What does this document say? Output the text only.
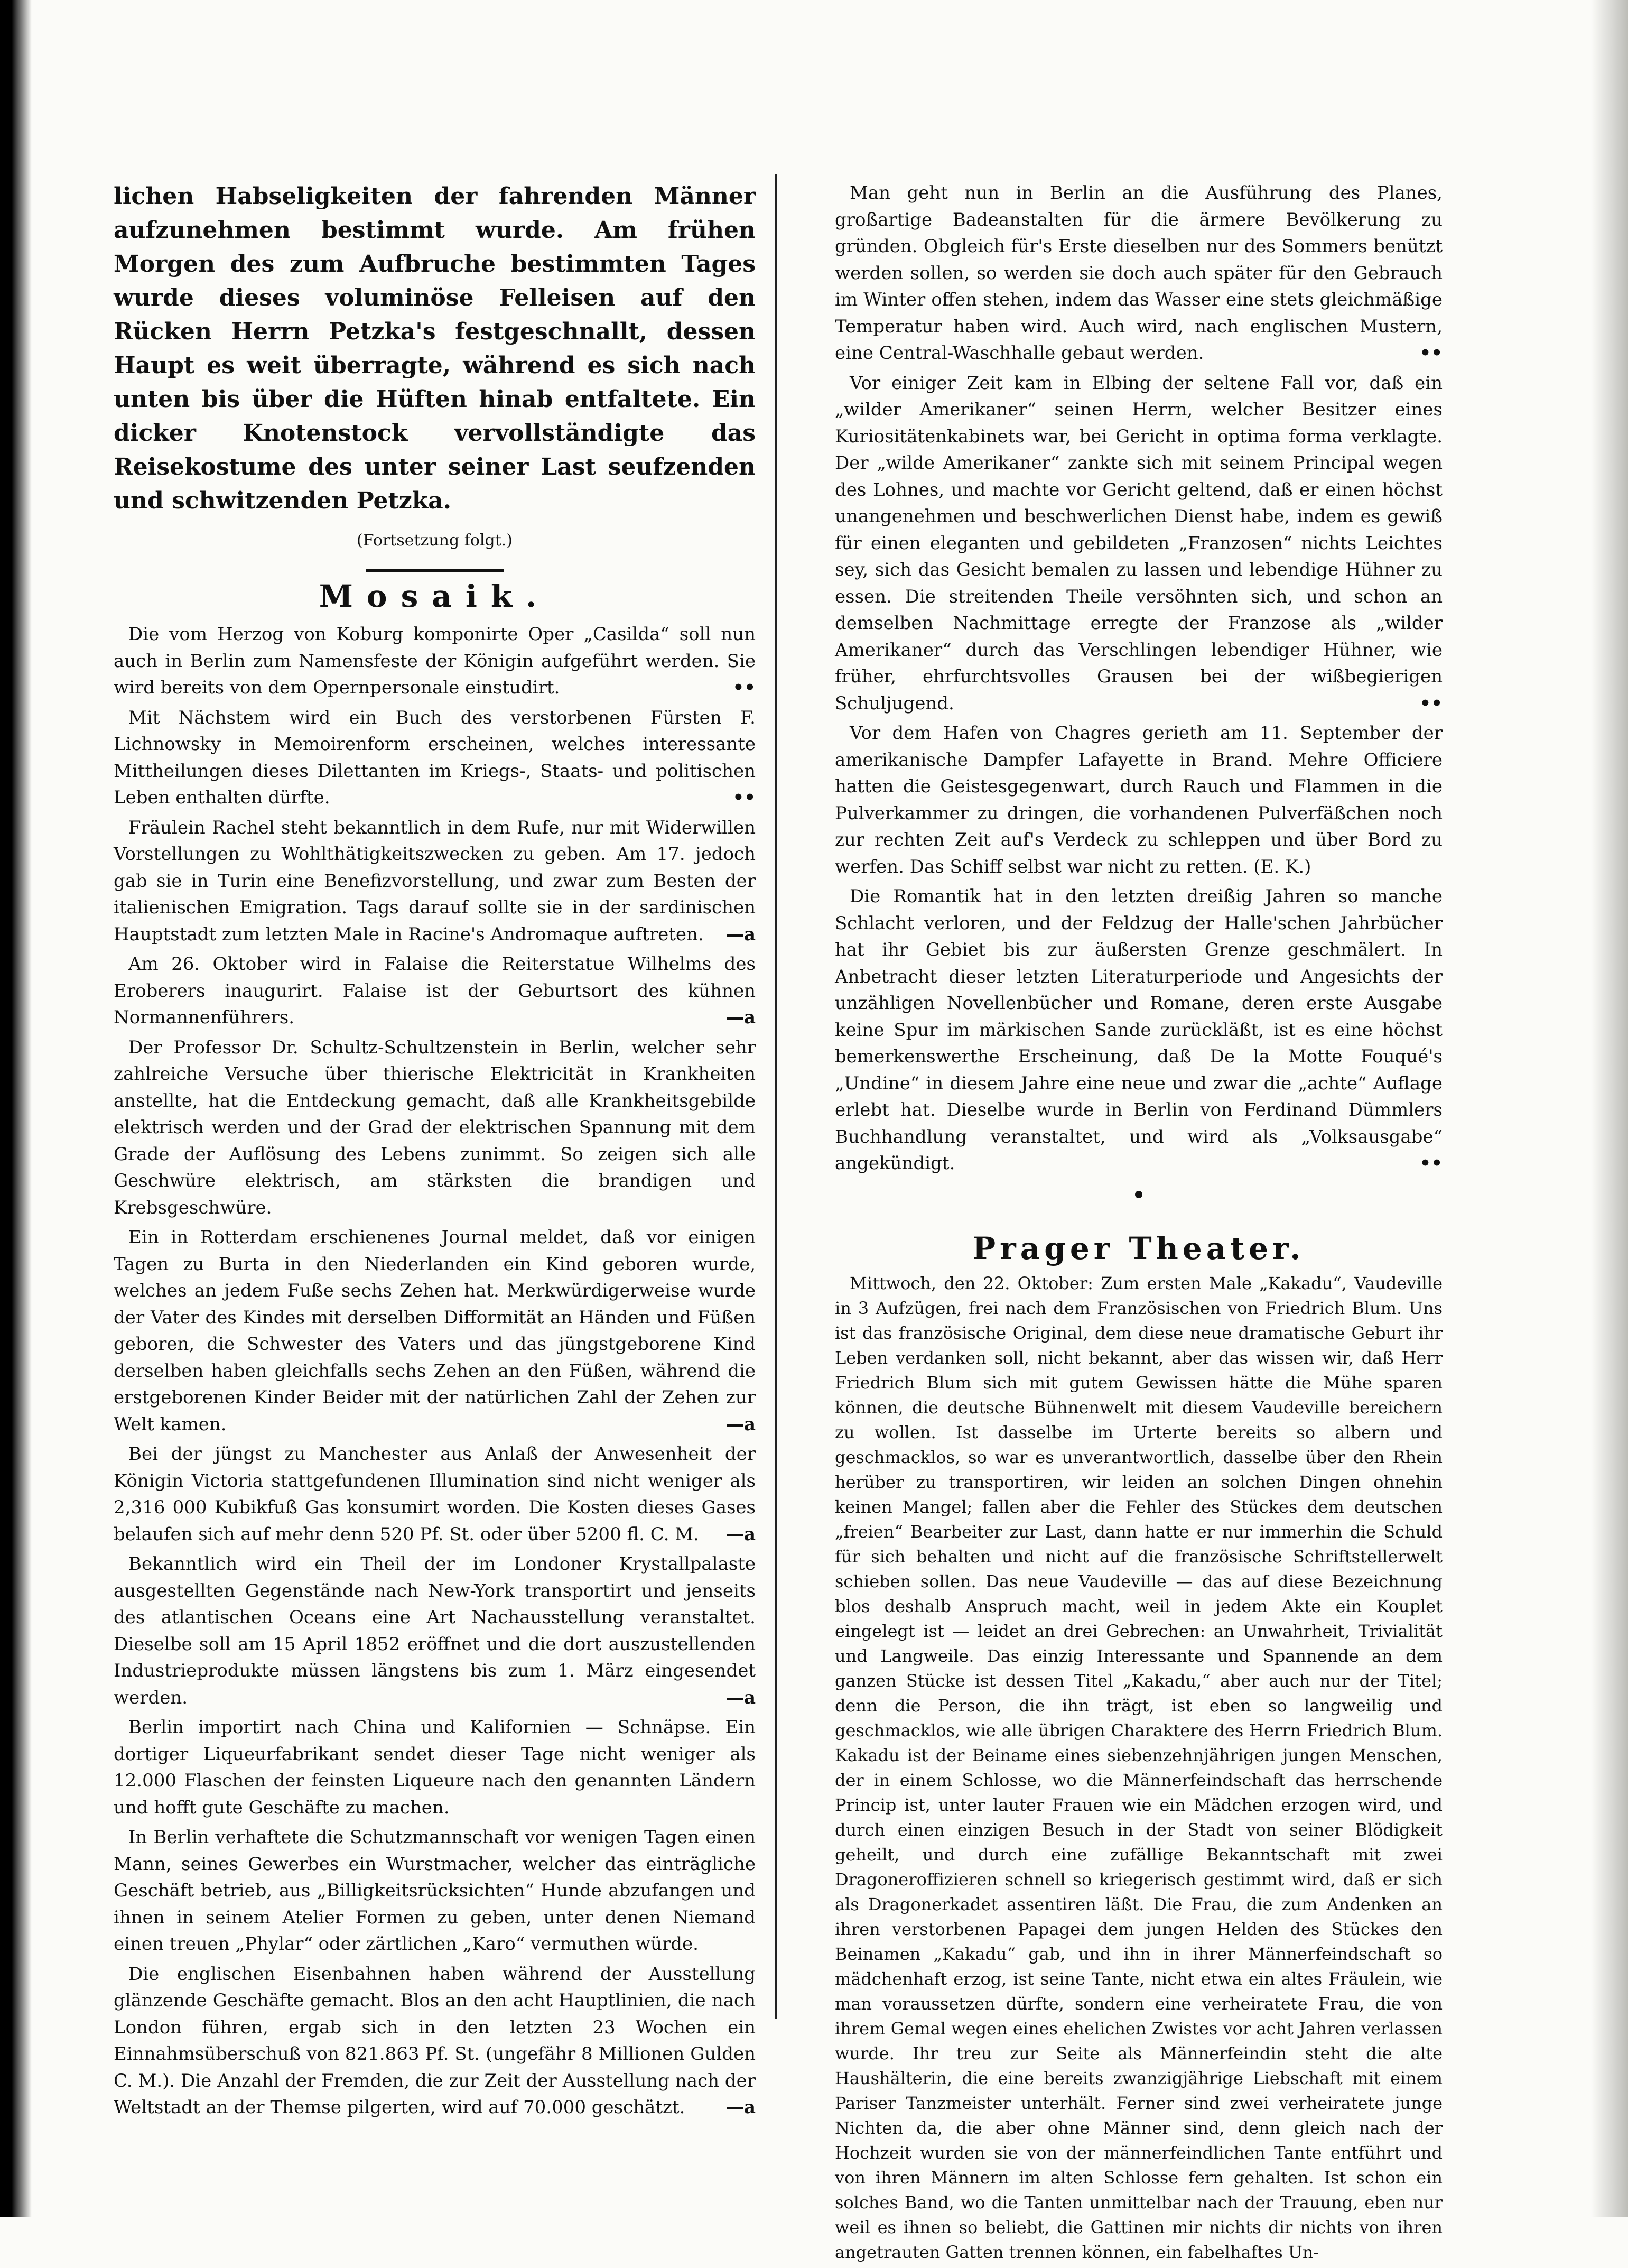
lichen Habseligkeiten der fahrenden Männer aufzunehmen bestimmt wurde. Am frühen Morgen des zum Aufbruche bestimmten Tages wurde dieses voluminöse Felleisen auf den Rücken Herrn Petzka's festgeschnallt, dessen Haupt es weit überragte, während es sich nach unten bis über die Hüften hinab entfaltete. Ein dicker Knotenstock vervollständigte das Reisekostume des unter seiner Last seufzenden und schwitzenden Petzka.
(Fortsetzung folgt.)
Mosaik.

Die vom Herzog von Koburg komponirte Oper „Casilda“ soll nun auch in Berlin zum Namensfeste der Königin aufgeführt werden. Sie wird bereits von dem Opernpersonale einstudirt.	••

Mit Nächstem wird ein Buch des verstorbenen Fürsten F. Lichnowsky in Memoirenform erscheinen, welches interessante Mittheilungen dieses Dilettanten im Kriegs-, Staats- und politischen Leben enthalten dürfte.	••

Fräulein Rachel steht bekanntlich in dem Rufe, nur mit Widerwillen Vorstellungen zu Wohlthätigkeitszwecken zu geben. Am 17. jedoch gab sie in Turin eine Benefizvorstellung, und zwar zum Besten der italienischen Emigration. Tags darauf sollte sie in der sardinischen Hauptstadt zum letzten Male in Racine's Andromaque auftreten.	—a

Am 26. Oktober wird in Falaise die Reiterstatue Wilhelms des Eroberers inaugurirt. Falaise ist der Geburtsort des kühnen Normannenführers.	—a

Der Professor Dr. Schultz-Schultzenstein in Berlin, welcher sehr zahlreiche Versuche über thierische Elektricität in Krankheiten anstellte, hat die Entdeckung gemacht, daß alle Krankheitsgebilde elektrisch werden und der Grad der elektrischen Spannung mit dem Grade der Auflösung des Lebens zunimmt. So zeigen sich alle Geschwüre elektrisch, am stärksten die brandigen und Krebsgeschwüre.

Ein in Rotterdam erschienenes Journal meldet, daß vor einigen Tagen zu Burta in den Niederlanden ein Kind geboren wurde, welches an jedem Fuße sechs Zehen hat. Merkwürdigerweise wurde der Vater des Kindes mit derselben Difformität an Händen und Füßen geboren, die Schwester des Vaters und das jüngstgeborene Kind derselben haben gleichfalls sechs Zehen an den Füßen, während die erstgeborenen Kinder Beider mit der natürlichen Zahl der Zehen zur Welt kamen.	—a

Bei der jüngst zu Manchester aus Anlaß der Anwesenheit der Königin Victoria stattgefundenen Illumination sind nicht weniger als 2,316 000 Kubikfuß Gas konsumirt worden. Die Kosten dieses Gases belaufen sich auf mehr denn 520 Pf. St. oder über 5200 fl. C. M.	—a

Bekanntlich wird ein Theil der im Londoner Krystallpalaste ausgestellten Gegenstände nach New-York transportirt und jenseits des atlantischen Oceans eine Art Nachausstellung veranstaltet. Dieselbe soll am 15 April 1852 eröffnet und die dort auszustellenden Industrieprodukte müssen längstens bis zum 1. März eingesendet werden.	—a

Berlin importirt nach China und Kalifornien — Schnäpse. Ein dortiger Liqueurfabrikant sendet dieser Tage nicht weniger als 12.000 Flaschen der feinsten Liqueure nach den genannten Ländern und hofft gute Geschäfte zu machen.

In Berlin verhaftete die Schutzmannschaft vor wenigen Tagen einen Mann, seines Gewerbes ein Wurstmacher, welcher das einträgliche Geschäft betrieb, aus „Billigkeitsrücksichten“ Hunde abzufangen und ihnen in seinem Atelier Formen zu geben, unter denen Niemand einen treuen „Phylar“ oder zärtlichen „Karo“ vermuthen würde.

Die englischen Eisenbahnen haben während der Ausstellung glänzende Geschäfte gemacht. Blos an den acht Hauptlinien, die nach London führen, ergab sich in den letzten 23 Wochen ein Einnahmsüberschuß von 821.863 Pf. St. (ungefähr 8 Millionen Gulden C. M.). Die Anzahl der Fremden, die zur Zeit der Ausstellung nach der Weltstadt an der Themse pilgerten, wird auf 70.000 geschätzt.	—a

Man geht nun in Berlin an die Ausführung des Planes, großartige Badeanstalten für die ärmere Bevölkerung zu gründen. Obgleich für's Erste dieselben nur des Sommers benützt werden sollen, so werden sie doch auch später für den Gebrauch im Winter offen stehen, indem das Wasser eine stets gleichmäßige Temperatur haben wird. Auch wird, nach englischen Mustern, eine Central-Waschhalle gebaut werden.	••

Vor einiger Zeit kam in Elbing der seltene Fall vor, daß ein „wilder Amerikaner“ seinen Herrn, welcher Besitzer eines Kuriositätenkabinets war, bei Gericht in optima forma verklagte. Der „wilde Amerikaner“ zankte sich mit seinem Principal wegen des Lohnes, und machte vor Gericht geltend, daß er einen höchst unangenehmen und beschwerlichen Dienst habe, indem es gewiß für einen eleganten und gebildeten „Franzosen“ nichts Leichtes sey, sich das Gesicht bemalen zu lassen und lebendige Hühner zu essen. Die streitenden Theile versöhnten sich, und schon an demselben Nachmittage erregte der Franzose als „wilder Amerikaner“ durch das Verschlingen lebendiger Hühner, wie früher, ehrfurchtsvolles Grausen bei der wißbegierigen Schuljugend.	••

Vor dem Hafen von Chagres gerieth am 11. September der amerikanische Dampfer Lafayette in Brand. Mehre Officiere hatten die Geistesgegenwart, durch Rauch und Flammen in die Pulverkammer zu dringen, die vorhandenen Pulverfäßchen noch zur rechten Zeit auf's Verdeck zu schleppen und über Bord zu werfen. Das Schiff selbst war nicht zu retten. (E. K.)

Die Romantik hat in den letzten dreißig Jahren so manche Schlacht verloren, und der Feldzug der Halle'schen Jahrbücher hat ihr Gebiet bis zur äußersten Grenze geschmälert. In Anbetracht dieser letzten Literaturperiode und Angesichts der unzähligen Novellenbücher und Romane, deren erste Ausgabe keine Spur im märkischen Sande zurückläßt, ist es eine höchst bemerkenswerthe Erscheinung, daß De la Motte Fouqué's „Undine“ in diesem Jahre eine neue und zwar die „achte“ Auflage erlebt hat. Dieselbe wurde in Berlin von Ferdinand Dümmlers Buchhandlung veranstaltet, und wird als „Volksausgabe“ angekündigt.	••
Prager Theater.

Mittwoch, den 22. Oktober: Zum ersten Male „Kakadu“, Vaudeville in 3 Aufzügen, frei nach dem Französischen von Friedrich Blum. Uns ist das französische Original, dem diese neue dramatische Geburt ihr Leben verdanken soll, nicht bekannt, aber das wissen wir, daß Herr Friedrich Blum sich mit gutem Gewissen hätte die Mühe sparen können, die deutsche Bühnenwelt mit diesem Vaudeville bereichern zu wollen. Ist dasselbe im Urterte bereits so albern und geschmacklos, so war es unverantwortlich, dasselbe über den Rhein herüber zu transportiren, wir leiden an solchen Dingen ohnehin keinen Mangel; fallen aber die Fehler des Stückes dem deutschen „freien“ Bearbeiter zur Last, dann hatte er nur immerhin die Schuld für sich behalten und nicht auf die französische Schriftstellerwelt schieben sollen. Das neue Vaudeville — das auf diese Bezeichnung blos deshalb Anspruch macht, weil in jedem Akte ein Kouplet eingelegt ist — leidet an drei Gebrechen: an Unwahrheit, Trivialität und Langweile. Das einzig Interessante und Spannende an dem ganzen Stücke ist dessen Titel „Kakadu,“ aber auch nur der Titel; denn die Person, die ihn trägt, ist eben so langweilig und geschmacklos, wie alle übrigen Charaktere des Herrn Friedrich Blum. Kakadu ist der Beiname eines siebenzehnjährigen jungen Menschen, der in einem Schlosse, wo die Männerfeindschaft das herrschende Princip ist, unter lauter Frauen wie ein Mädchen erzogen wird, und durch einen einzigen Besuch in der Stadt von seiner Blödigkeit geheilt, und durch eine zufällige Bekanntschaft mit zwei Dragoneroffizieren schnell so kriegerisch gestimmt wird, daß er sich als Dragonerkadet assentiren läßt. Die Frau, die zum Andenken an ihren verstorbenen Papagei dem jungen Helden des Stückes den Beinamen „Kakadu“ gab, und ihn in ihrer Männerfeindschaft so mädchenhaft erzog, ist seine Tante, nicht etwa ein altes Fräulein, wie man voraussetzen dürfte, sondern eine verheiratete Frau, die von ihrem Gemal wegen eines ehelichen Zwistes vor acht Jahren verlassen wurde. Ihr treu zur Seite als Männerfeindin steht die alte Haushälterin, die eine bereits zwanzigjährige Liebschaft mit einem Pariser Tanzmeister unterhält. Ferner sind zwei verheiratete junge Nichten da, die aber ohne Männer sind, denn gleich nach der Hochzeit wurden sie von der männerfeindlichen Tante entführt und von ihren Männern im alten Schlosse fern gehalten. Ist schon ein solches Band, wo die Tanten unmittelbar nach der Trauung, eben nur weil es ihnen so beliebt, die Gattinen mir nichts dir nichts von ihren angetrauten Gatten trennen können, ein fabelhaftes Un-
